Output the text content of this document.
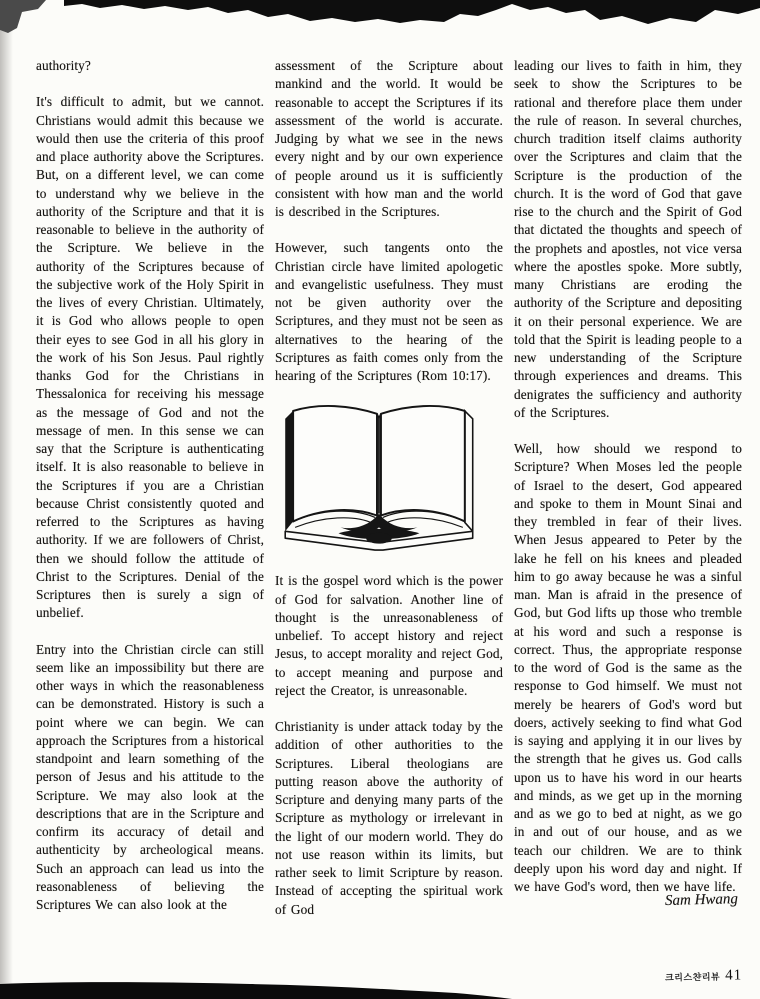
authority?

It's difficult to admit, but we cannot. Christians would admit this because we would then use the criteria of this proof and place authority above the Scriptures. But, on a different level, we can come to understand why we believe in the authority of the Scripture and that it is reasonable to believe in the authority of the Scripture. We believe in the authority of the Scriptures because of the subjective work of the Holy Spirit in the lives of every Christian. Ultimately, it is God who allows people to open their eyes to see God in all his glory in the work of his Son Jesus. Paul rightly thanks God for the Christians in Thessalonica for receiving his message as the message of God and not the message of men. In this sense we can say that the Scripture is authenticating itself. It is also reasonable to believe in the Scriptures if you are a Christian because Christ consistently quoted and referred to the Scriptures as having authority. If we are followers of Christ, then we should follow the attitude of Christ to the Scriptures. Denial of the Scriptures then is surely a sign of unbelief.

Entry into the Christian circle can still seem like an impossibility but there are other ways in which the reasonableness can be demonstrated. History is such a point where we can begin. We can approach the Scriptures from a historical standpoint and learn something of the person of Jesus and his attitude to the Scripture. We may also look at the descriptions that are in the Scripture and confirm its accuracy of detail and authenticity by archeological means. Such an approach can lead us into the reasonableness of believing the Scriptures We can also look at the

assessment of the Scripture about mankind and the world. It would be reasonable to accept the Scriptures if its assessment of the world is accurate. Judging by what we see in the news every night and by our own experience of people around us it is sufficiently consistent with how man and the world is described in the Scriptures.

However, such tangents onto the Christian circle have limited apologetic and evangelistic usefulness. They must not be given authority over the Scriptures, and they must not be seen as alternatives to the hearing of the Scriptures as faith comes only from the hearing of the Scriptures (Rom 10:17).

It is the gospel word which is the power of God for salvation. Another line of thought is the unreasonableness of unbelief. To accept history and reject Jesus, to accept morality and reject God, to accept meaning and purpose and reject the Creator, is unreasonable.

Christianity is under attack today by the addition of other authorities to the Scriptures. Liberal theologians are putting reason above the authority of Scripture and denying many parts of the Scripture as mythology or irrelevant in the light of our modern world. They do not use reason within its limits, but rather seek to limit Scripture by reason. Instead of accepting the spiritual work of God

leading our lives to faith in him, they seek to show the Scriptures to be rational and therefore place them under the rule of reason. In several churches, church tradition itself claims authority over the Scriptures and claim that the Scripture is the production of the church. It is the word of God that gave rise to the church and the Spirit of God that dictated the thoughts and speech of the prophets and apostles, not vice versa where the apostles spoke. More subtly, many Christians are eroding the authority of the Scripture and depositing it on their personal experience. We are told that the Spirit is leading people to a new understanding of the Scripture through experiences and dreams. This denigrates the sufficiency and authority of the Scriptures.

Well, how should we respond to Scripture? When Moses led the people of Israel to the desert, God appeared and spoke to them in Mount Sinai and they trembled in fear of their lives. When Jesus appeared to Peter by the lake he fell on his knees and pleaded him to go away because he was a sinful man. Man is afraid in the presence of God, but God lifts up those who tremble at his word and such a response is correct. Thus, the appropriate response to the word of God is the same as the response to God himself. We must not merely be hearers of God's word but doers, actively seeking to find what God is saying and applying it in our lives by the strength that he gives us. God calls upon us to have his word in our hearts and minds, as we get up in the morning and as we go to bed at night, as we go in and out of our house, and as we teach our children. We are to think deeply upon his word day and night. If we have God's word, then we have life.

Sam Hwang
크리스챤리뷰 41
